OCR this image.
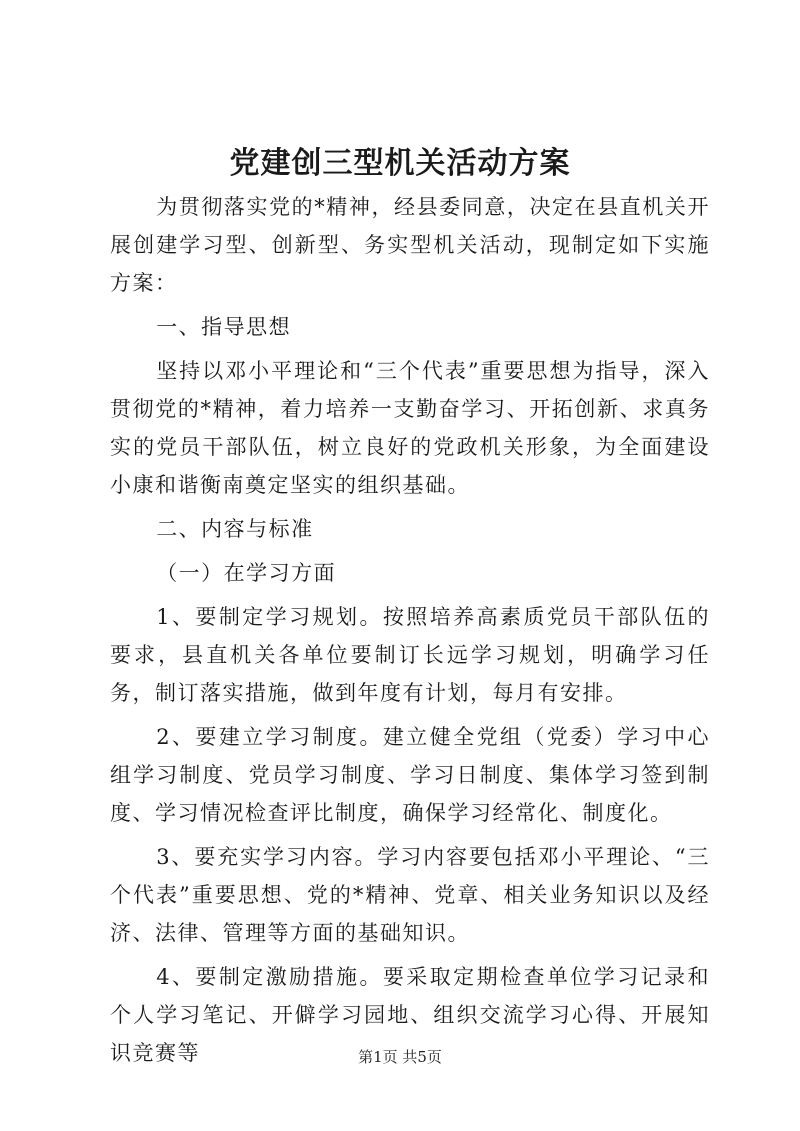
党建创三型机关活动方案

为贯彻落实党的*精神，经县委同意，决定在县直机关开展创建学习型、创新型、务实型机关活动，现制定如下实施方案：

一、指导思想

坚持以邓小平理论和“三个代表”重要思想为指导，深入贯彻党的*精神，着力培养一支勤奋学习、开拓创新、求真务实的党员干部队伍，树立良好的党政机关形象，为全面建设小康和谐衡南奠定坚实的组织基础。

二、内容与标准

（一）在学习方面

1、要制定学习规划。按照培养高素质党员干部队伍的要求，县直机关各单位要制订长远学习规划，明确学习任务，制订落实措施，做到年度有计划，每月有安排。

2、要建立学习制度。建立健全党组（党委）学习中心组学习制度、党员学习制度、学习日制度、集体学习签到制度、学习情况检查评比制度，确保学习经常化、制度化。

3、要充实学习内容。学习内容要包括邓小平理论、“三个代表”重要思想、党的*精神、党章、相关业务知识以及经济、法律、管理等方面的基础知识。

4、要制定激励措施。要采取定期检查单位学习记录和个人学习笔记、开僻学习园地、组织交流学习心得、开展知识竞赛等	第1页 共5页
